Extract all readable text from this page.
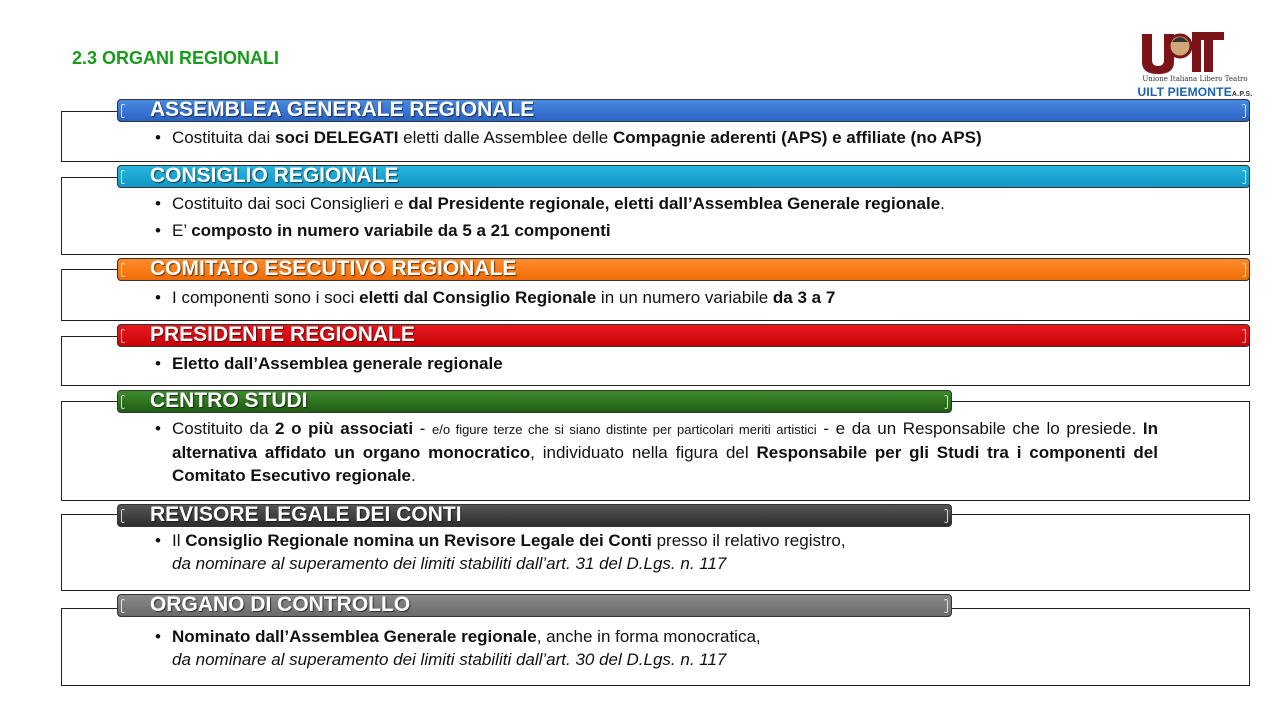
2.3 ORGANI REGIONALI
Unione Italiana Libero Teatro
UILT PIEMONTEA.P.S.
ASSEMBLEA GENERALE REGIONALE
• Costituita dai soci DELEGATI eletti dalle Assemblee delle Compagnie aderenti (APS) e affiliate (no APS)
CONSIGLIO REGIONALE
• Costituito dai soci Consiglieri e dal Presidente regionale, eletti dall’Assemblea Generale regionale.
• E’ composto in numero variabile da 5 a 21 componenti
COMITATO ESECUTIVO REGIONALE
• I componenti sono i soci eletti dal Consiglio Regionale in un numero variabile da 3 a 7
PRESIDENTE REGIONALE
• Eletto dall’Assemblea generale regionale
CENTRO STUDI
• Costituito da 2 o più associati - e/o figure terze che si siano distinte per particolari meriti artistici - e da un Responsabile che lo presiede. In alternativa affidato un organo monocratico, individuato nella figura del Responsabile per gli Studi tra i componenti del Comitato Esecutivo regionale.
REVISORE LEGALE DEI CONTI
• Il Consiglio Regionale nomina un Revisore Legale dei Conti presso il relativo registro,
da nominare al superamento dei limiti stabiliti dall’art. 31 del D.Lgs. n. 117
ORGANO DI CONTROLLO
• Nominato dall’Assemblea Generale regionale, anche in forma monocratica,
da nominare al superamento dei limiti stabiliti dall’art. 30 del D.Lgs. n. 117
